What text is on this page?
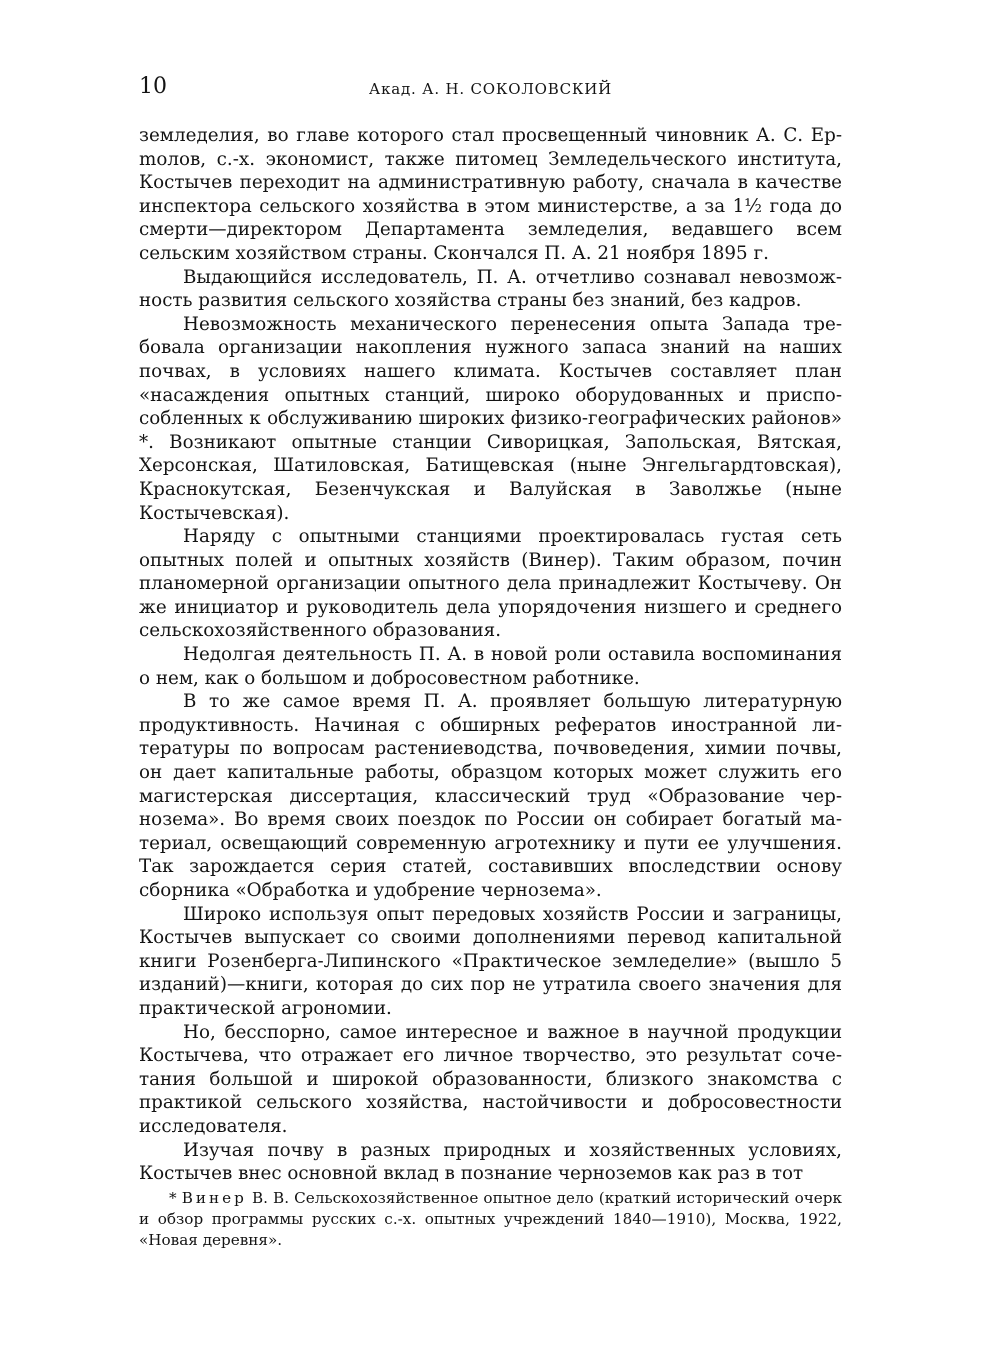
10	Акад. А. Н. СОКОЛОВСКИЙ

земледелия, во главе которого стал просвещенный чиновник А. С. Ерmолов, с.-х. экономист, также питомец Земледельческого института, Костычев переходит на административную работу, сначала в качестве инспектора сельского хозяйства в этом министерстве, а за 1½ года до смерти—директором Департамента земледелия, ведавшего всем сельским хозяйством страны. Скончался П. А. 21 ноября 1895 г.

Выдающийся исследователь, П. А. отчетливо сознавал невозможность развития сельского хозяйства страны без знаний, без кадров.

Невозможность механического перенесения опыта Запада требовала организации накопления нужного запаса знаний на наших почвах, в условиях нашего климата. Костычев составляет план «насаждения опытных станций, широко оборудованных и приспособленных к обслуживанию широких физико-географических районов» *. Возникают опытные станции Сиворицкая, Запольская, Вятская, Херсонская, Шатиловская, Батищевская (ныне Энгельгардтовская), Краснокутская, Безенчукская и Валуйская в Заволжье (ныне Костычевская).

Наряду с опытными станциями проектировалась густая сеть опытных полей и опытных хозяйств (Винер). Таким образом, почин планомерной организации опытного дела принадлежит Костычеву. Он же инициатор и руководитель дела упорядочения низшего и среднего сельскохозяйственного образования.

Недолгая деятельность П. А. в новой роли оставила воспоминания о нем, как о большом и добросовестном работнике.

В то же самое время П. А. проявляет большую литературную продуктивность. Начиная с обширных рефератов иностранной литературы по вопросам растениеводства, почвоведения, химии почвы, он дает капитальные работы, образцом которых может служить его магистерская диссертация, классический труд «Образование чернозема». Во время своих поездок по России он собирает богатый материал, освещающий современную агротехнику и пути ее улучшения. Так зарождается серия статей, составивших впоследствии основу сборника «Обработка и удобрение чернозема».

Широко используя опыт передовых хозяйств России и заграницы, Костычев выпускает со своими дополнениями перевод капитальной книги Розенберга-Липинского «Практическое земледелие» (вышло 5 изданий)—книги, которая до сих пор не утратила своего значения для практической агрономии.

Но, бесспорно, самое интересное и важное в научной продукции Костычева, что отражает его личное творчество, это результат сочетания большой и широкой образованности, близкого знакомства с практикой сельского хозяйства, настойчивости и добросовестности исследователя.

Изучая почву в разных природных и хозяйственных условиях, Костычев внес основной вклад в познание черноземов как раз в тот

* Винер В. В. Сельскохозяйственное опытное дело (краткий исторический очерк и обзор программы русских с.-х. опытных учреждений 1840—1910), Москва, 1922, «Новая деревня».
